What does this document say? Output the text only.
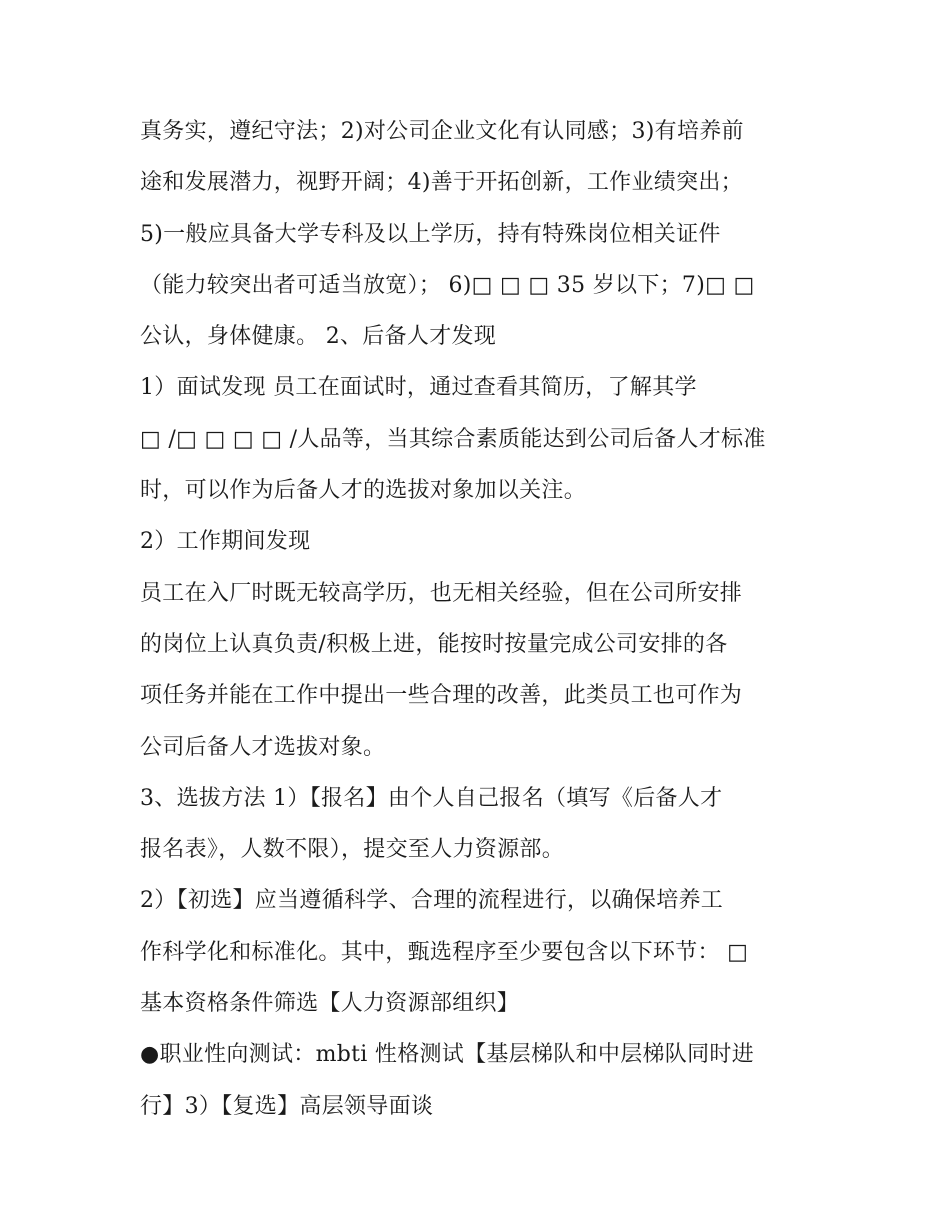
真务实，遵纪守法；2)对公司企业文化有认同感；3)有培养前
途和发展潜力，视野开阔；4)善于开拓创新，工作业绩突出；
5)一般应具备大学专科及以上学历，持有特殊岗位相关证件
（能力较突出者可适当放宽）； 6)□ □ □ 35 岁以下；7)□ □
公认，身体健康。 2、后备人才发现
1）面试发现 员工在面试时，通过查看其简历，了解其学
□ /□ □ □ □ /人品等，当其综合素质能达到公司后备人才标准
时，可以作为后备人才的选拔对象加以关注。
2）工作期间发现
员工在入厂时既无较高学历，也无相关经验，但在公司所安排
的岗位上认真负责/积极上进，能按时按量完成公司安排的各
项任务并能在工作中提出一些合理的改善，此类员工也可作为
公司后备人才选拔对象。
3、选拔方法 1）【报名】由个人自己报名（填写《后备人才
报名表》，人数不限），提交至人力资源部。
2）【初选】应当遵循科学、合理的流程进行，以确保培养工
作科学化和标准化。其中，甄选程序至少要包含以下环节： □
基本资格条件筛选【人力资源部组织】
●职业性向测试：mbti 性格测试【基层梯队和中层梯队同时进
行】3）【复选】高层领导面谈
